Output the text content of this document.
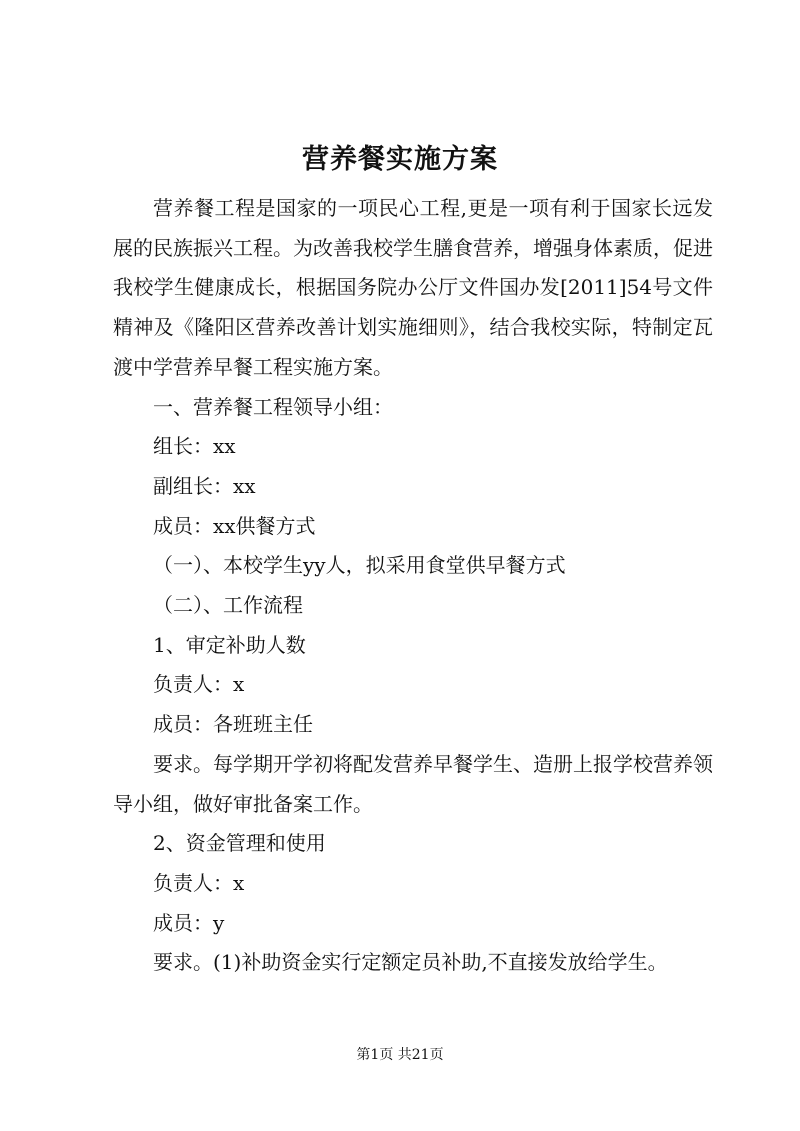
营养餐实施方案

营养餐工程是国家的一项民心工程,更是一项有利于国家长远发展的民族振兴工程。为改善我校学生膳食营养，增强身体素质，促进我校学生健康成长，根据国务院办公厅文件国办发[2011]54号文件精神及《隆阳区营养改善计划实施细则》，结合我校实际，特制定瓦渡中学营养早餐工程实施方案。

一、营养餐工程领导小组：

组长：xx

副组长：xx

成员：xx供餐方式

（一）、本校学生yy人，拟采用食堂供早餐方式

（二）、工作流程

1、审定补助人数

负责人：x

成员：各班班主任

要求。每学期开学初将配发营养早餐学生、造册上报学校营养领导小组，做好审批备案工作。

2、资金管理和使用

负责人：x

成员：y

要求。(1)补助资金实行定额定员补助,不直接发放给学生。

第1页 共21页
